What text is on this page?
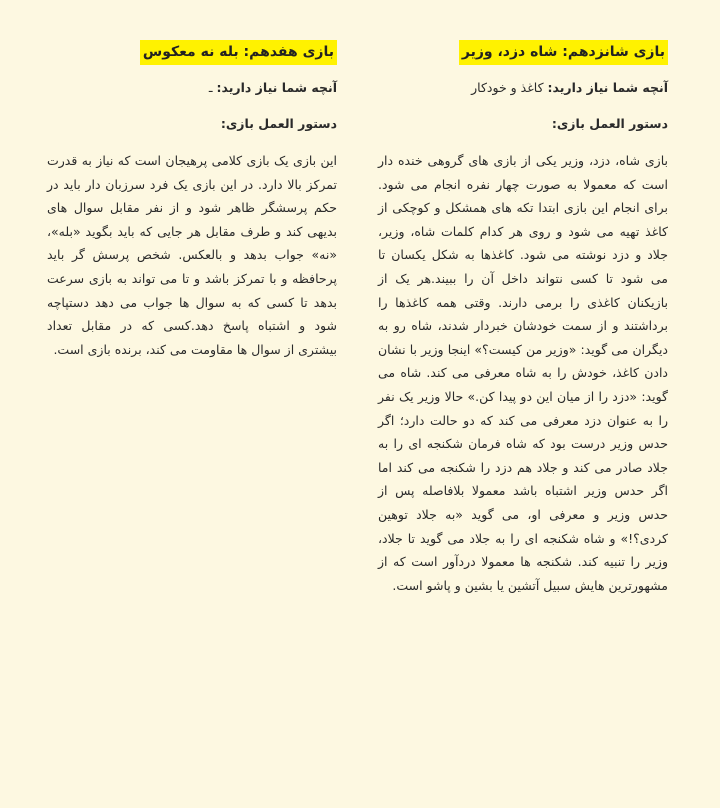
بازی شانزدهم: شاه دزد، وزیر
آنچه شما نیاز دارید: کاغذ و خودکار
دستور العمل بازی:
بازی شاه، دزد، وزیر یکی از بازی های گروهی خنده دار است که معمولا به صورت چهار نفره انجام می شود. برای انجام این بازی ابتدا تکه های همشکل و کوچکی از کاغذ تهیه می شود و روی هر کدام کلمات شاه، وزیر، جلاد و دزد نوشته می شود. کاغذها به شکل یکسان تا می شود تا کسی نتواند داخل آن را ببیند.هر یک از بازیکنان کاغذی را برمی دارند. وقتی همه کاغذها را برداشتند و از سمت خودشان خبردار شدند، شاه رو به دیگران می گوید: «وزیر من کیست؟» اینجا وزیر با نشان دادن کاغذ، خودش را به شاه معرفی می کند. شاه می گوید: «دزد را از میان این دو پیدا کن.» حالا وزیر یک نفر را به عنوان دزد معرفی می کند که دو حالت دارد؛ اگر حدس وزیر درست بود که شاه فرمان شکنجه ای را به جلاد صادر می کند و جلاد هم دزد را شکنجه می کند اما اگر حدس وزیر اشتباه باشد معمولا بلافاصله پس از حدس وزیر و معرفی او، می گوید «به جلاد توهین کردی؟!» و شاه شکنجه ای را به جلاد می گوید تا جلاد، وزیر را تنبیه کند. شکنجه ها معمولا دردآور است که از مشهورترین هایش سبیل آتشین یا بشین و پاشو است.
بازی هفدهم: بله نه معکوس
آنچه شما نیاز دارید: ـ
دستور العمل بازی:
این بازی یک بازی کلامی پرهیجان است که نیاز به قدرت تمرکز بالا دارد. در این بازی یک فرد سرزبان دار باید در حکم پرسشگر ظاهر شود و از نفر مقابل سوال های بدیهی کند و طرف مقابل هر جایی که باید بگوید «بله»، «نه» جواب بدهد و بالعکس. شخص پرسش گر باید پرحافظه و با تمرکز باشد و تا می تواند به بازی سرعت بدهد تا کسی که به سوال ها جواب می دهد دستپاچه شود و اشتباه پاسخ دهد.کسی که در مقابل تعداد بیشتری از سوال ها مقاومت می کند، برنده بازی است.
